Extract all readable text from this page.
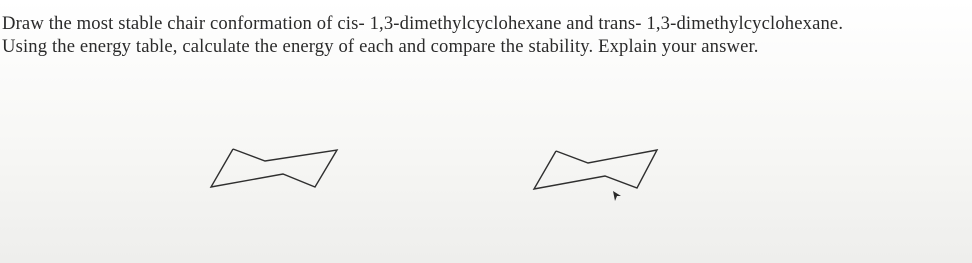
Draw the most stable chair conformation of cis- 1,3-dimethylcyclohexane and trans- 1,3-dimethylcyclohexane.
Using the energy table, calculate the energy of each and compare the stability. Explain your answer.
